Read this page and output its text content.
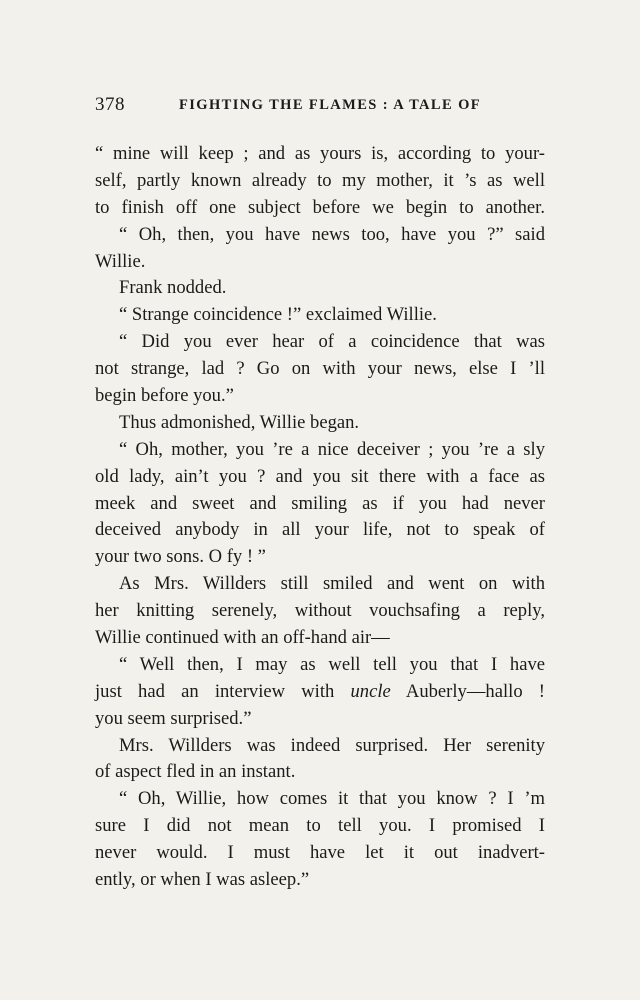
378	FIGHTING THE FLAMES : A TALE OF
“ mine will keep ; and as yours is, according to your-
self, partly known already to my mother, it ’s as well
to finish off one subject before we begin to another.
“ Oh, then, you have news too, have you ?” said
Willie.
Frank nodded.
“ Strange coincidence !” exclaimed Willie.
“ Did you ever hear of a coincidence that was
not strange, lad ? Go on with your news, else I ’ll
begin before you.”
Thus admonished, Willie began.
“ Oh, mother, you ’re a nice deceiver ; you ’re a sly
old lady, ain’t you ? and you sit there with a face as
meek and sweet and smiling as if you had never
deceived anybody in all your life, not to speak of
your two sons. O fy ! ”
As Mrs. Willders still smiled and went on with
her knitting serenely, without vouchsafing a reply,
Willie continued with an off-hand air—
“ Well then, I may as well tell you that I have
just had an interview with uncle Auberly—hallo !
you seem surprised.”
Mrs. Willders was indeed surprised. Her serenity
of aspect fled in an instant.
“ Oh, Willie, how comes it that you know ? I ’m
sure I did not mean to tell you. I promised I
never would. I must have let it out inadvert-
ently, or when I was asleep.”
